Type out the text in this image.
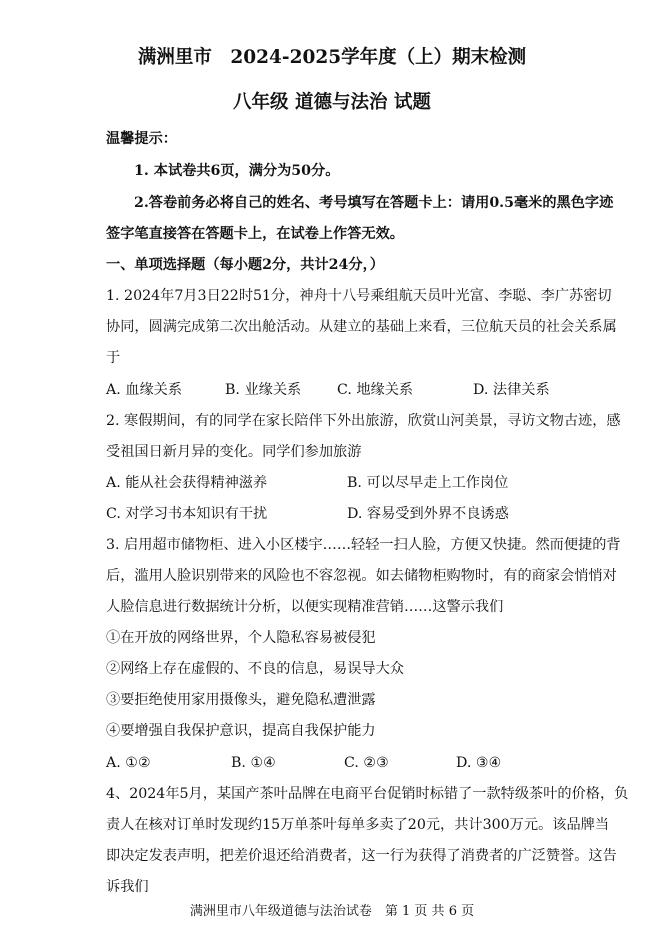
满洲里市　2024-2025学年度（上）期末检测
八年级 道德与法治 试题
温馨提示：
1. 本试卷共6页，满分为50分。
2.答卷前务必将自己的姓名、考号填写在答题卡上：请用0.5毫米的黑色字迹
签字笔直接答在答题卡上，在试卷上作答无效。
一、单项选择题（每小题2分，共计24分，）
1. 2024年7月3日22时51分，神舟十八号乘组航天员叶光富、李聪、李广苏密切
协同，圆满完成第二次出舱活动。从建立的基础上来看，三位航天员的社会关系属
于
A. 血缘关系	B. 业缘关系	C. 地缘关系	D. 法律关系
2. 寒假期间，有的同学在家长陪伴下外出旅游，欣赏山河美景，寻访文物古迹，感
受祖国日新月异的变化。同学们参加旅游
A. 能从社会获得精神滋养	B. 可以尽早走上工作岗位
C. 对学习书本知识有干扰	D. 容易受到外界不良诱惑
3. 启用超市储物柜、进入小区楼宇……轻轻一扫人脸，方便又快捷。然而便捷的背
后，滥用人脸识别带来的风险也不容忽视。如去储物柜购物时，有的商家会悄悄对
人脸信息进行数据统计分析，以便实现精准营销……这警示我们
①在开放的网络世界，个人隐私容易被侵犯
②网络上存在虚假的、不良的信息，易误导大众
③要拒绝使用家用摄像头，避免隐私遭泄露
④要增强自我保护意识，提高自我保护能力
A. ①②	B. ①④	C. ②③	D. ③④
4、2024年5月，某国产茶叶品牌在电商平台促销时标错了一款特级茶叶的价格，负
责人在核对订单时发现约15万单茶叶每单多卖了20元，共计300万元。该品牌当
即决定发表声明，把差价退还给消费者，这一行为获得了消费者的广泛赞誉。这告
诉我们
满洲里市八年级道德与法治试卷　第 1 页 共 6 页
